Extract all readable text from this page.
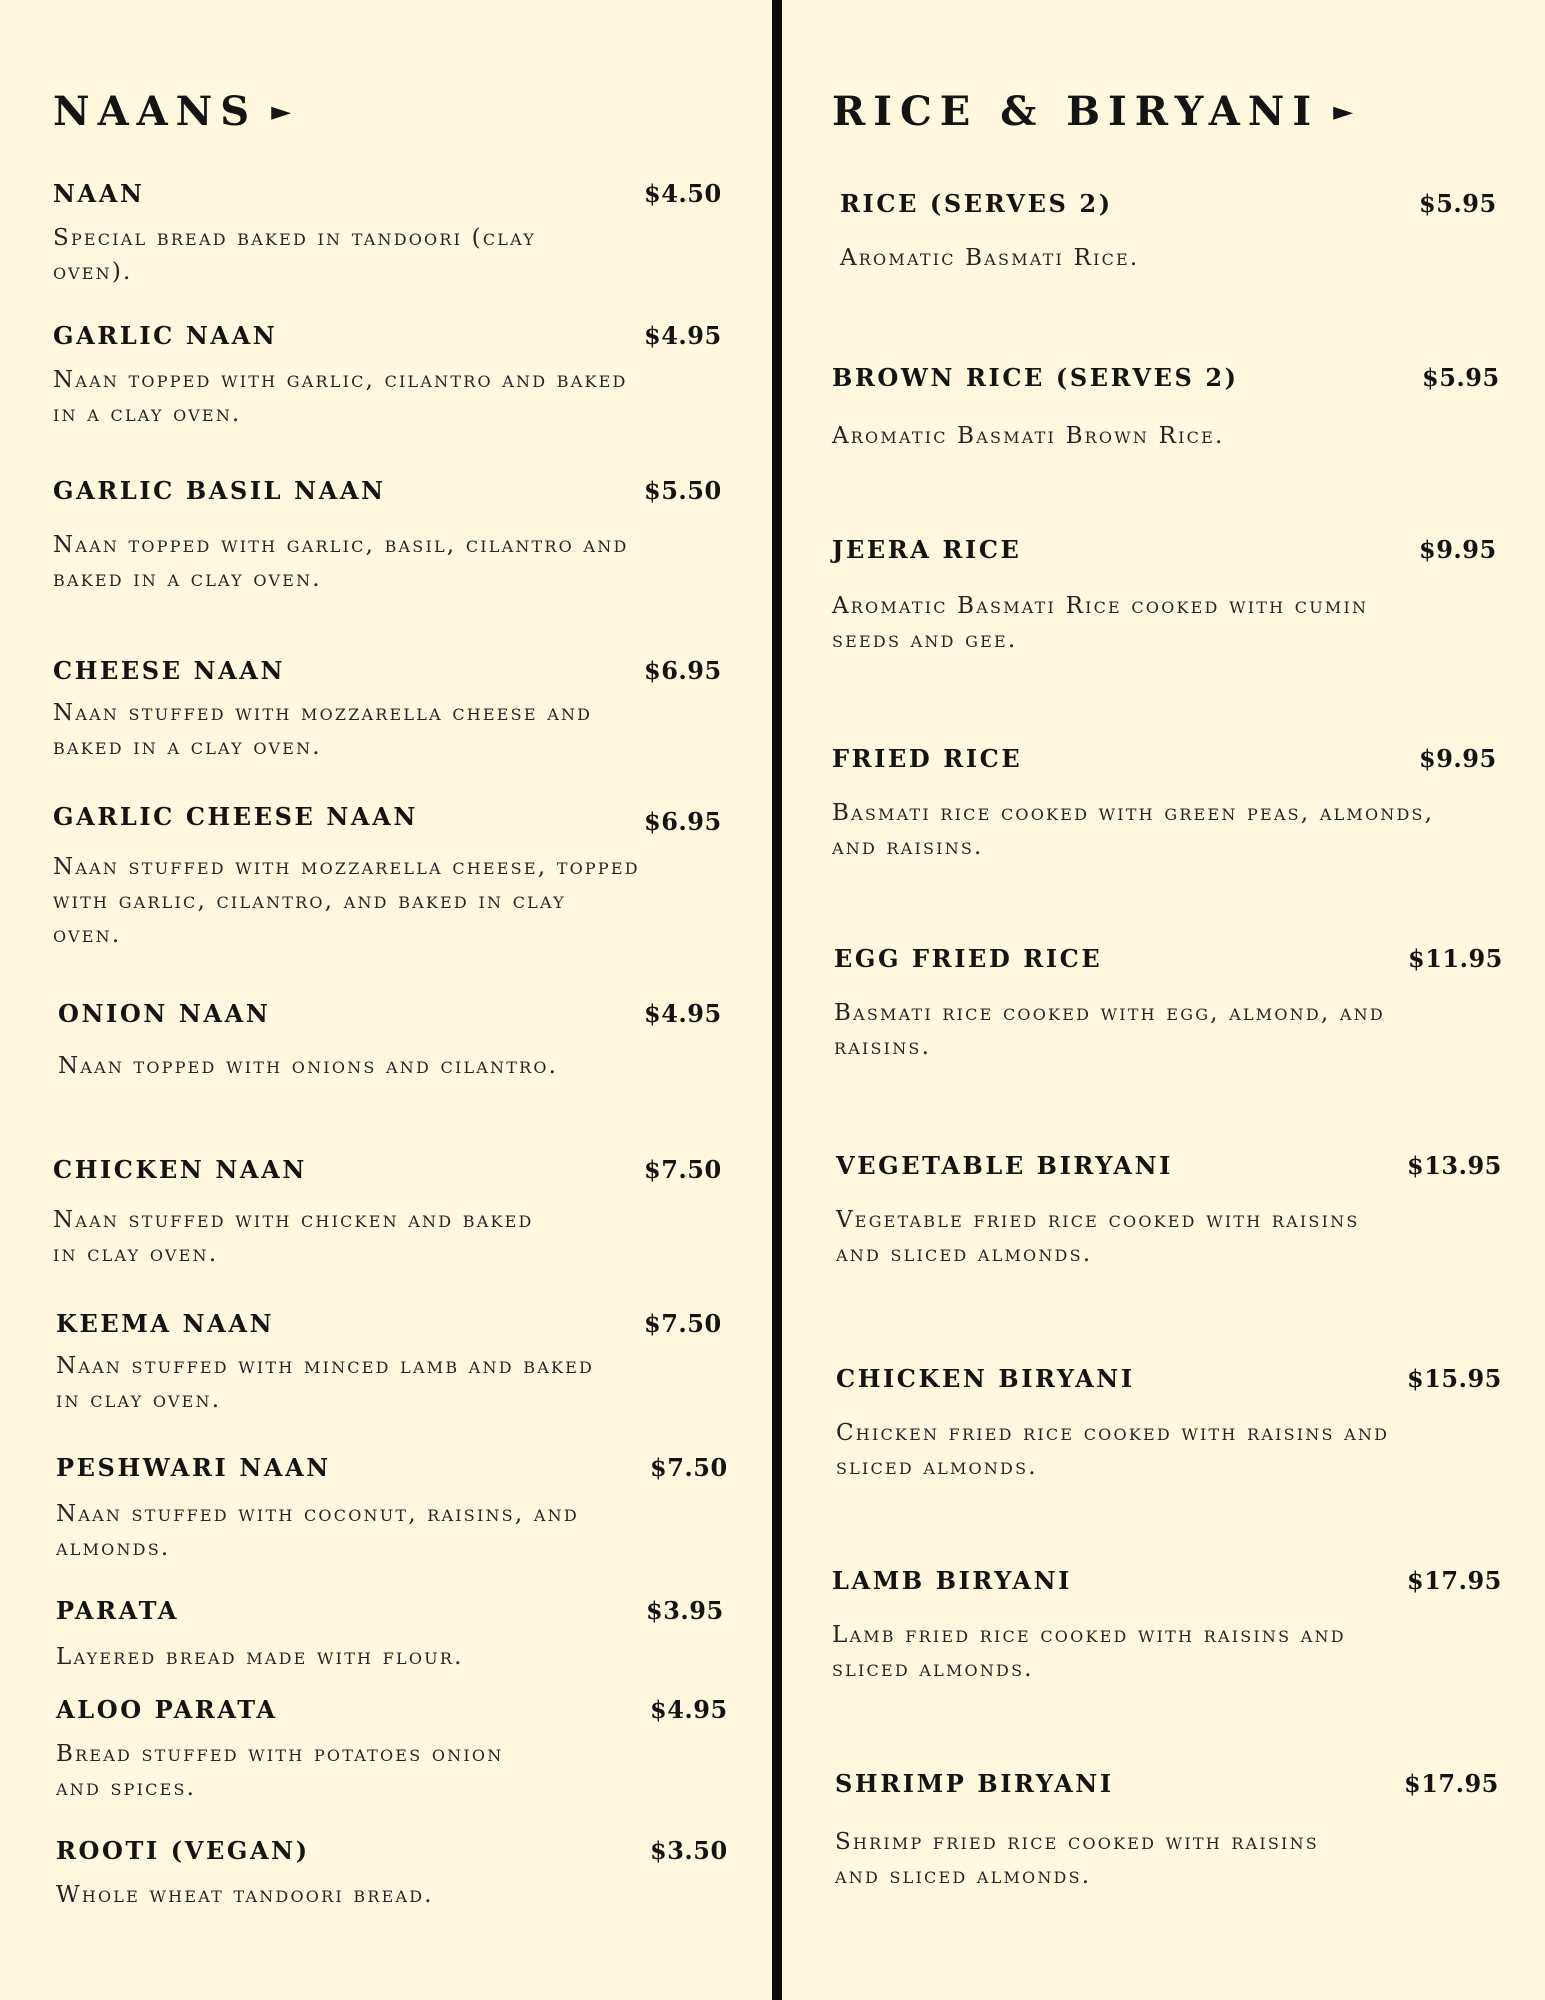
NAANS ►
NAAN	$4.50

Special bread baked in tandoori (clay oven).

GARLIC NAAN	$4.95

Naan topped with garlic, cilantro and baked in a clay oven.

GARLIC BASIL NAAN	$5.50

Naan topped with garlic, basil, cilantro and baked in a clay oven.

CHEESE NAAN	$6.95

Naan stuffed with mozzarella cheese and baked in a clay oven.

GARLIC CHEESE NAAN	$6.95

Naan stuffed with mozzarella cheese, topped with garlic, cilantro, and baked in clay oven.

ONION NAAN	$4.95

Naan topped with onions and cilantro.

CHICKEN NAAN	$7.50

Naan stuffed with chicken and baked in clay oven.

KEEMA NAAN	$7.50

Naan stuffed with minced lamb and baked in clay oven.

PESHWARI NAAN	$7.50

Naan stuffed with coconut, raisins, and almonds.

PARATA	$3.95

Layered bread made with flour.

ALOO PARATA	$4.95

Bread stuffed with potatoes onion and spices.

ROOTI (VEGAN)	$3.50

Whole wheat tandoori bread.

RICE & BIRYANI ►
RICE (SERVES 2)	$5.95

Aromatic Basmati Rice.

BROWN RICE (SERVES 2)	$5.95

Aromatic Basmati Brown Rice.

JEERA RICE	$9.95

Aromatic Basmati Rice cooked with cumin seeds and gee.

FRIED RICE	$9.95

Basmati rice cooked with green peas, almonds, and raisins.

EGG FRIED RICE	$11.95

Basmati rice cooked with egg, almond, and raisins.

VEGETABLE BIRYANI	$13.95

Vegetable fried rice cooked with raisins and sliced almonds.

CHICKEN BIRYANI	$15.95

Chicken fried rice cooked with raisins and sliced almonds.

LAMB BIRYANI	$17.95

Lamb fried rice cooked with raisins and sliced almonds.

SHRIMP BIRYANI	$17.95

Shrimp fried rice cooked with raisins and sliced almonds.
